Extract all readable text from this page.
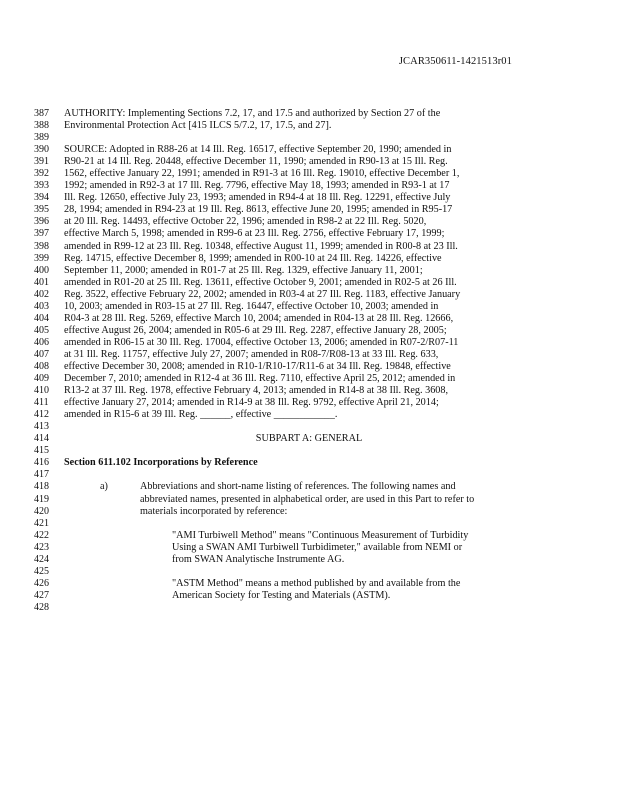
JCAR350611-1421513r01
387	AUTHORITY: Implementing Sections 7.2, 17, and 17.5 and authorized by Section 27 of the
388	Environmental Protection Act [415 ILCS 5/7.2, 17, 17.5, and 27].
389
390	SOURCE: Adopted in R88-26 at 14 Ill. Reg. 16517, effective September 20, 1990; amended in
391	R90-21 at 14 Ill. Reg. 20448, effective December 11, 1990; amended in R90-13 at 15 Ill. Reg.
392	1562, effective January 22, 1991; amended in R91-3 at 16 Ill. Reg. 19010, effective December 1,
393	1992; amended in R92-3 at 17 Ill. Reg. 7796, effective May 18, 1993; amended in R93-1 at 17
394	Ill. Reg. 12650, effective July 23, 1993; amended in R94-4 at 18 Ill. Reg. 12291, effective July
395	28, 1994; amended in R94-23 at 19 Ill. Reg. 8613, effective June 20, 1995; amended in R95-17
396	at 20 Ill. Reg. 14493, effective October 22, 1996; amended in R98-2 at 22 Ill. Reg. 5020,
397	effective March 5, 1998; amended in R99-6 at 23 Ill. Reg. 2756, effective February 17, 1999;
398	amended in R99-12 at 23 Ill. Reg. 10348, effective August 11, 1999; amended in R00-8 at 23 Ill.
399	Reg. 14715, effective December 8, 1999; amended in R00-10 at 24 Ill. Reg. 14226, effective
400	September 11, 2000; amended in R01-7 at 25 Ill. Reg. 1329, effective January 11, 2001;
401	amended in R01-20 at 25 Ill. Reg. 13611, effective October 9, 2001; amended in R02-5 at 26 Ill.
402	Reg. 3522, effective February 22, 2002; amended in R03-4 at 27 Ill. Reg. 1183, effective January
403	10, 2003; amended in R03-15 at 27 Ill. Reg. 16447, effective October 10, 2003; amended in
404	R04-3 at 28 Ill. Reg. 5269, effective March 10, 2004; amended in R04-13 at 28 Ill. Reg. 12666,
405	effective August 26, 2004; amended in R05-6 at 29 Ill. Reg. 2287, effective January 28, 2005;
406	amended in R06-15 at 30 Ill. Reg. 17004, effective October 13, 2006; amended in R07-2/R07-11
407	at 31 Ill. Reg. 11757, effective July 27, 2007; amended in R08-7/R08-13 at 33 Ill. Reg. 633,
408	effective December 30, 2008; amended in R10-1/R10-17/R11-6 at 34 Ill. Reg. 19848, effective
409	December 7, 2010; amended in R12-4 at 36 Ill. Reg. 7110, effective April 25, 2012; amended in
410	R13-2 at 37 Ill. Reg. 1978, effective February 4, 2013; amended in R14-8 at 38 Ill. Reg. 3608,
411	effective January 27, 2014; amended in R14-9 at 38 Ill. Reg. 9792, effective April 21, 2014;
412	amended in R15-6 at 39 Ill. Reg. ______, effective ____________.
413
414	SUBPART A: GENERAL
415
416	Section 611.102 Incorporations by Reference
417
418	a)	Abbreviations and short-name listing of references. The following names and
419	abbreviated names, presented in alphabetical order, are used in this Part to refer to
420	materials incorporated by reference:
421
422	"AMI Turbiwell Method" means "Continuous Measurement of Turbidity
423	Using a SWAN AMI Turbiwell Turbidimeter," available from NEMI or
424	from SWAN Analytische Instrumente AG.
425
426	"ASTM Method" means a method published by and available from the
427	American Society for Testing and Materials (ASTM).
428
